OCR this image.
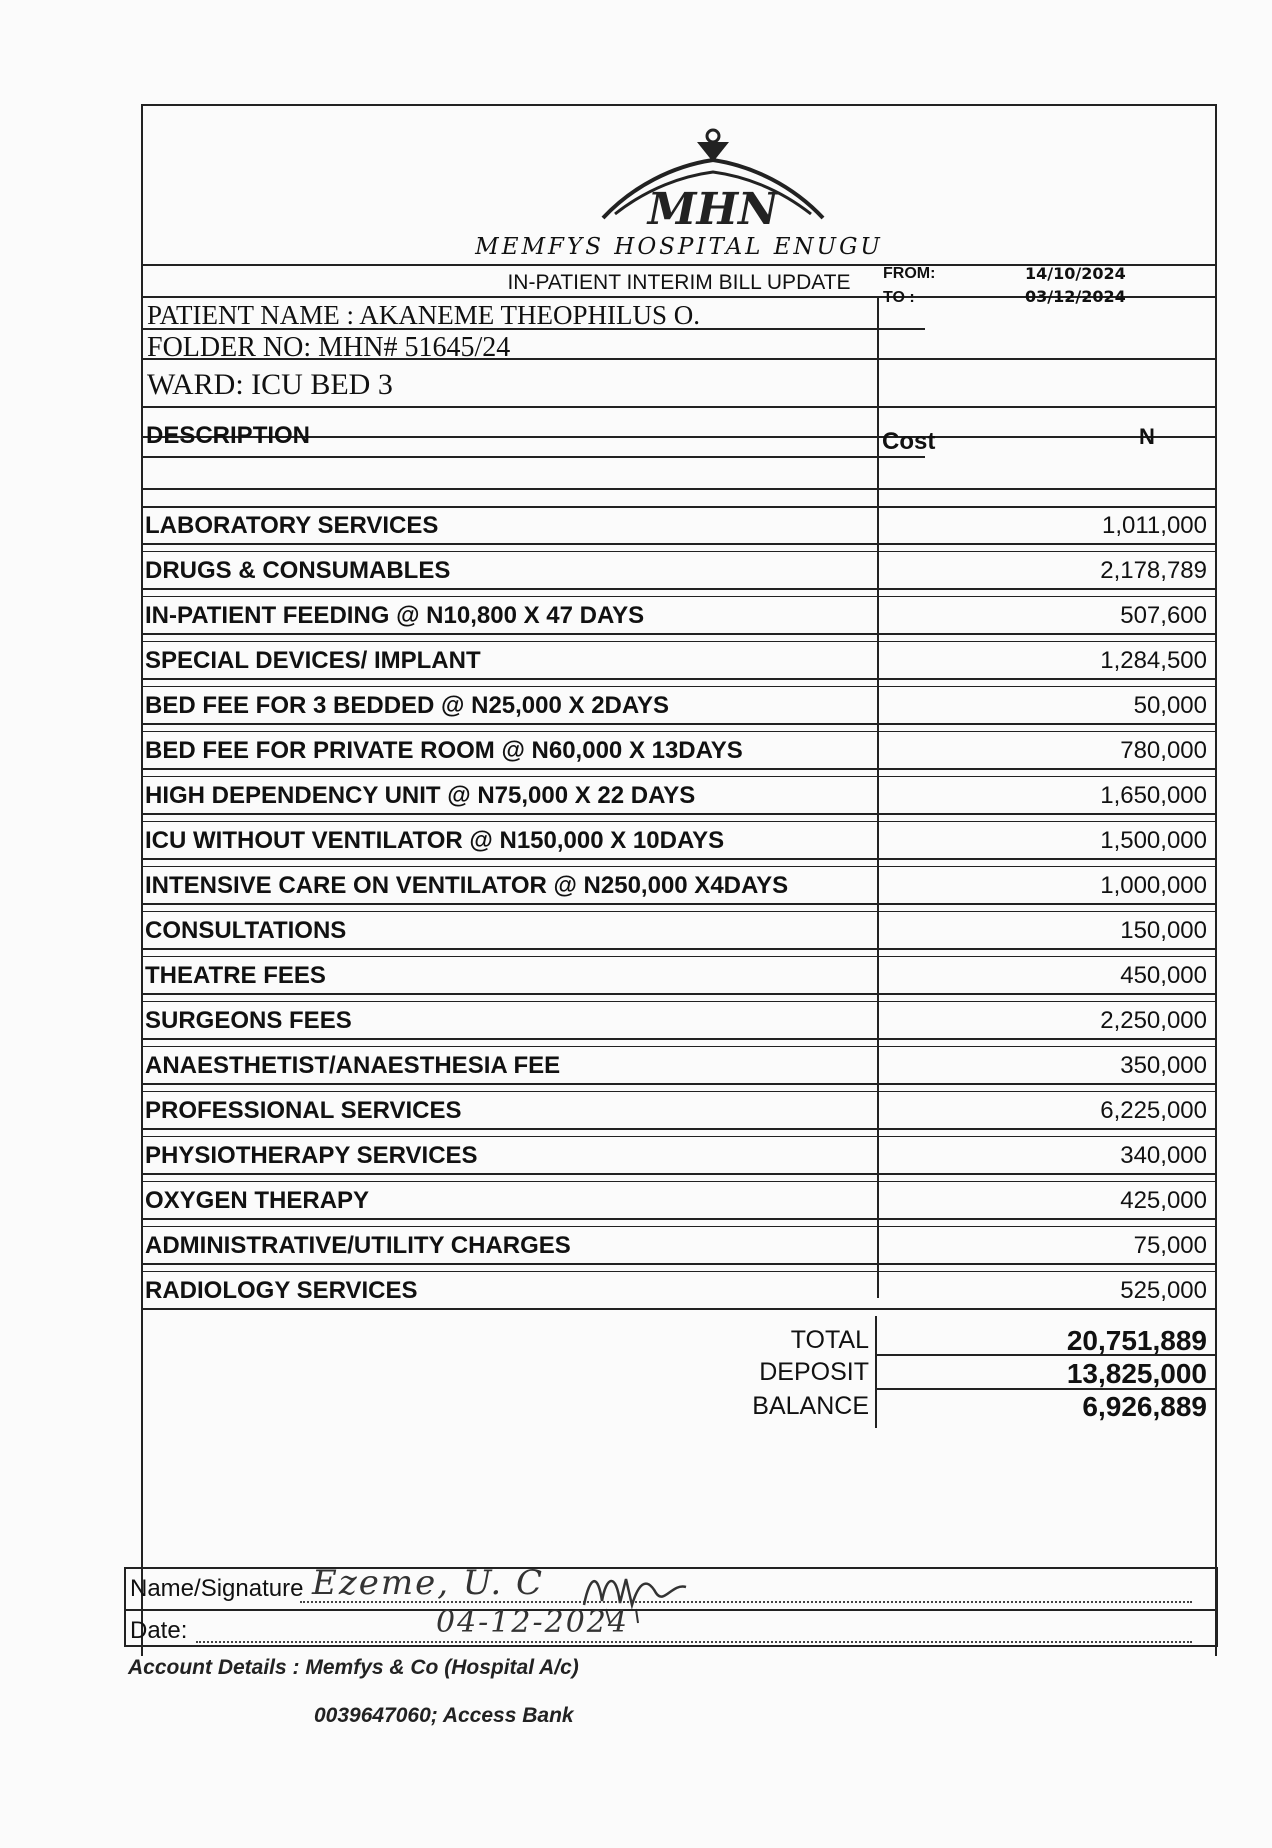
MHN
MEMFYS HOSPITAL ENUGU
IN-PATIENT INTERIM BILL UPDATE
PATIENT NAME : AKANEME THEOPHILUS O.
FOLDER NO: MHN# 51645/24
WARD: ICU BED 3
FROM:	14/10/2024
TO :	03/12/2024
DESCRIPTION	Cost	N
LABORATORY SERVICES	1,011,000
DRUGS & CONSUMABLES	2,178,789
IN-PATIENT FEEDING @ N10,800 X 47 DAYS	507,600
SPECIAL DEVICES/ IMPLANT	1,284,500
BED FEE FOR 3 BEDDED @ N25,000 X 2DAYS	50,000
BED FEE FOR PRIVATE ROOM @ N60,000 X 13DAYS	780,000
HIGH DEPENDENCY UNIT @ N75,000 X 22 DAYS	1,650,000
ICU WITHOUT VENTILATOR @ N150,000 X 10DAYS	1,500,000
INTENSIVE CARE ON VENTILATOR @ N250,000 X4DAYS	1,000,000
CONSULTATIONS	150,000
THEATRE FEES	450,000
SURGEONS FEES	2,250,000
ANAESTHETIST/ANAESTHESIA FEE	350,000
PROFESSIONAL SERVICES	6,225,000
PHYSIOTHERAPY SERVICES	340,000
OXYGEN THERAPY	425,000
ADMINISTRATIVE/UTILITY CHARGES	75,000
RADIOLOGY SERVICES	525,000
TOTAL	20,751,889
DEPOSIT	13,825,000
BALANCE	6,926,889
Name/Signature Ezeme, U. C
Date:	04-12-2024
Account Details : Memfys & Co (Hospital A/c)
0039647060; Access Bank
